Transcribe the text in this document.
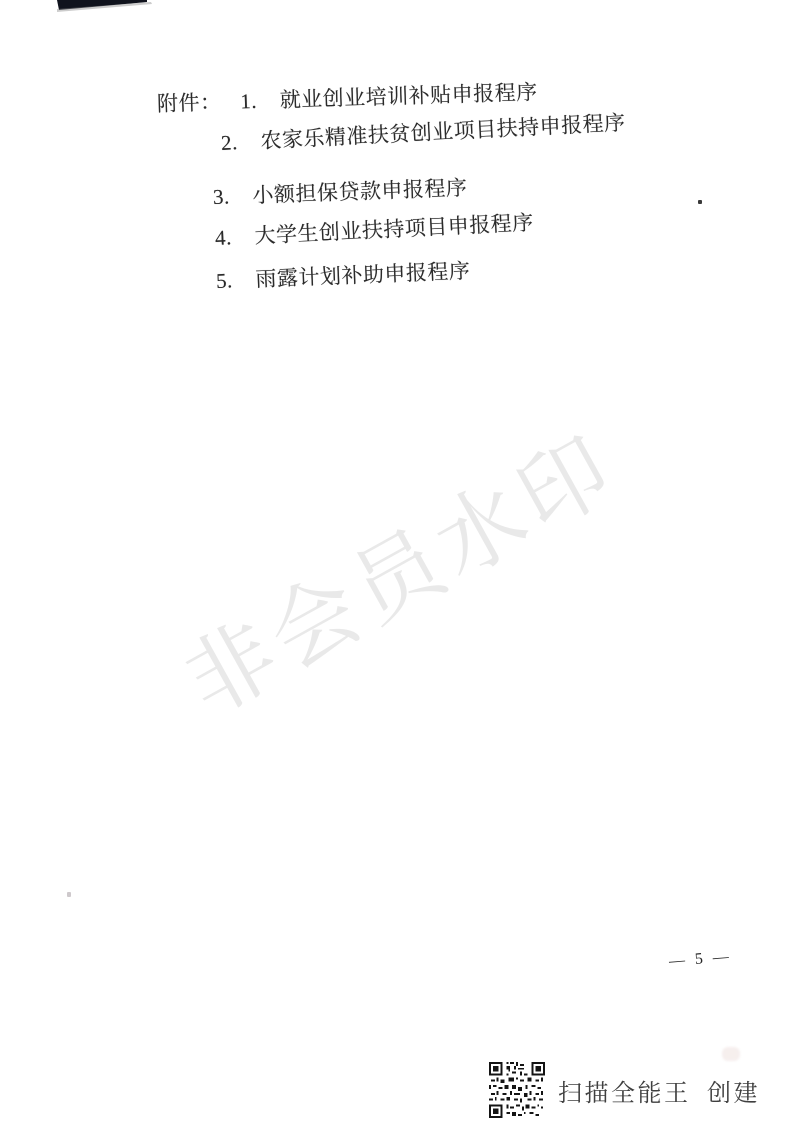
附件： 1. 就业创业培训补贴申报程序
2. 农家乐精准扶贫创业项目扶持申报程序
3. 小额担保贷款申报程序
4. 大学生创业扶持项目申报程序
5. 雨露计划补助申报程序
非会员水印
— 5 —
扫描全能王 创建
